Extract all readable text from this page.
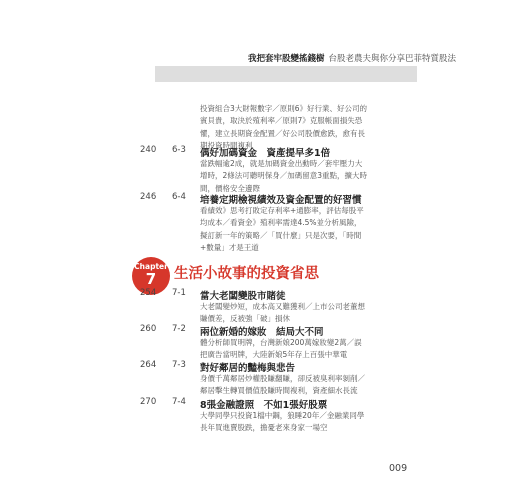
我把套牢股變搖錢樹 台股老農夫與你分享巴菲特質股法
投資組合3大財報數字／原則6》好行業、好公司的賓貝貴，取決於殖利率／原則7》克服帳面損失恐懼，建立長期資金配置／好公司股價愈跌，愈有長期投資時間複利
240	6-3	偶好加碼資金　資產提早多1倍
當跌幅逾2成，就是加碼資金出動時／套牢壓力大增時，2條法可聽明保身／加碼留意3重點，擴大時間，價格安全邊際
246	6-4	培養定期檢視績效及資金配置的好習慣
看績效》思考打敗定存利率+通膨率，評估每股平均成本／看資金》殖利率需達4.5%並分析風險，擬訂新一年的策略／「買什麼」只是次要，「時間+數量」才是王道
Chapter
7	生活小故事的投資省思
254	7-1	當大老闆變股市賭徒
大老闆變炒短，成本高又難獲利／上市公司老董想賺價差，反被強「破」損休
260	7-2	兩位新婚的嫁妝　結局大不同
體分析師買明牌，台灣新娘200萬嫁妝變2萬／誤把廣告當明牌，大陸新娘5年存上百張中華電
264	7-3	對好鄰居的豔梅與悲告
身價千萬鄰居炒權股賺翻賺，卻反被臭利率剝削／鄰居擊生轉買價值股賺時間複利，資產細水長流
270	7-4	8張金融證照　不如1張好股票
大學同學只投資1檔中鋼，狼睡20年／金融業同學長年買進賣股跌，擔憂老來身家一場空
009
